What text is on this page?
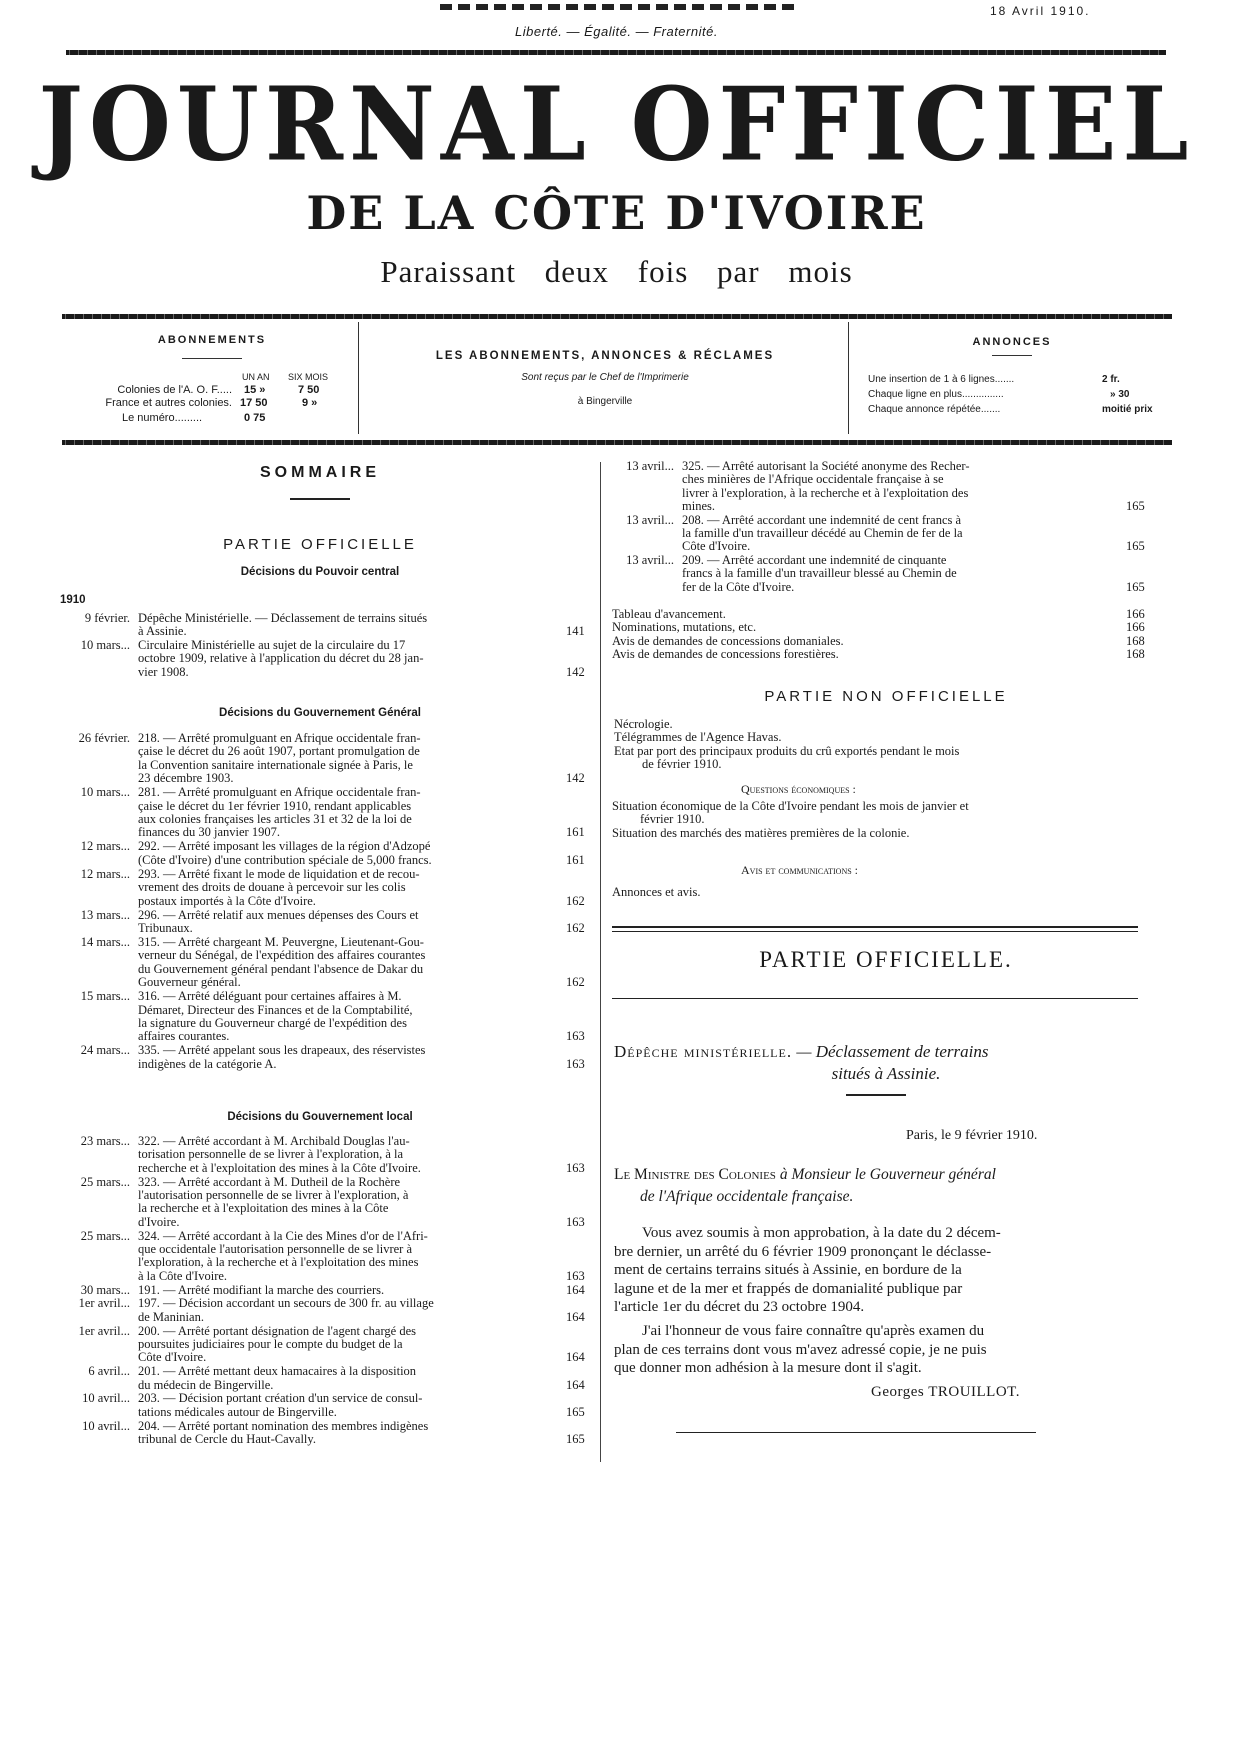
18 Avril 1910.
Liberté. — Égalité. — Fraternité.
JOURNAL OFFICIEL
DE LA CÔTE D'IVOIRE
Paraissant deux fois par mois
ABONNEMENTS
UN AN SIX MOIS
Colonies de l'A. O. F..... 15 »	7 50
France et autres colonies. 17 50	9 »
Le numéro.........	0 75
LES ABONNEMENTS, ANNONCES & RÉCLAMES
Sont reçus par le Chef de l'Imprimerie
à Bingerville
ANNONCES
Une insertion de 1 à 6 lignes.......	2 fr.
Chaque ligne en plus...............	» 30
Chaque annonce répétée.......	moitié prix
SOMMAIRE
PARTIE OFFICIELLE
Décisions du Pouvoir central
1910
9 février. Dépêche Ministérielle. — Déclassement de terrains situés
à Assinie.	141
10 mars... Circulaire Ministérielle au sujet de la circulaire du 17
octobre 1909, relative à l'application du décret du 28 jan-
vier 1908.	142
Décisions du Gouvernement Général
26 février. 218. — Arrêté promulguant en Afrique occidentale fran-
çaise le décret du 26 août 1907, portant promulgation de
la Convention sanitaire internationale signée à Paris, le
23 décembre 1903.	142
10 mars... 281. — Arrêté promulguant en Afrique occidentale fran-
çaise le décret du 1er février 1910, rendant applicables
aux colonies françaises les articles 31 et 32 de la loi de
finances du 30 janvier 1907.	161
12 mars... 292. — Arrêté imposant les villages de la région d'Adzopé
(Côte d'Ivoire) d'une contribution spéciale de 5,000 francs.	161
12 mars... 293. — Arrêté fixant le mode de liquidation et de recou-
vrement des droits de douane à percevoir sur les colis
postaux importés à la Côte d'Ivoire.	162
13 mars... 296. — Arrêté relatif aux menues dépenses des Cours et
Tribunaux.	162
14 mars... 315. — Arrêté chargeant M. Peuvergne, Lieutenant-Gou-
verneur du Sénégal, de l'expédition des affaires courantes
du Gouvernement général pendant l'absence de Dakar du
Gouverneur général.	162
15 mars... 316. — Arrêté déléguant pour certaines affaires à M.
Démaret, Directeur des Finances et de la Comptabilité,
la signature du Gouverneur chargé de l'expédition des
affaires courantes.	163
24 mars... 335. — Arrêté appelant sous les drapeaux, des réservistes
indigènes de la catégorie A.	163
Décisions du Gouvernement local
23 mars... 322. — Arrêté accordant à M. Archibald Douglas l'au-
torisation personnelle de se livrer à l'exploration, à la
recherche et à l'exploitation des mines à la Côte d'Ivoire.	163
25 mars... 323. — Arrêté accordant à M. Dutheil de la Rochère
l'autorisation personnelle de se livrer à l'exploration, à
la recherche et à l'exploitation des mines à la Côte
d'Ivoire.	163
25 mars... 324. — Arrêté accordant à la Cie des Mines d'or de l'Afri-
que occidentale l'autorisation personnelle de se livrer à
l'exploration, à la recherche et à l'exploitation des mines
à la Côte d'Ivoire.	163
30 mars... 191. — Arrêté modifiant la marche des courriers.	164
1er avril... 197. — Décision accordant un secours de 300 fr. au village
de Maninian.	164
1er avril... 200. — Arrêté portant désignation de l'agent chargé des
poursuites judiciaires pour le compte du budget de la
Côte d'Ivoire.	164
6 avril... 201. — Arrêté mettant deux hamacaires à la disposition
du médecin de Bingerville.	164
10 avril... 203. — Décision portant création d'un service de consul-
tations médicales autour de Bingerville.	165
10 avril... 204. — Arrêté portant nomination des membres indigènes
tribunal de Cercle du Haut-Cavally.	165
13 avril... 325. — Arrêté autorisant la Société anonyme des Recher-
ches minières de l'Afrique occidentale française à se
livrer à l'exploration, à la recherche et à l'exploitation des
mines.	165
13 avril... 208. — Arrêté accordant une indemnité de cent francs à
la famille d'un travailleur décédé au Chemin de fer de la
Côte d'Ivoire.	165
13 avril... 209. — Arrêté accordant une indemnité de cinquante
francs à la famille d'un travailleur blessé au Chemin de
fer de la Côte d'Ivoire.	165
Tableau d'avancement.	166
Nominations, mutations, etc.	166
Avis de demandes de concessions domaniales.	168
Avis de demandes de concessions forestières.	168
PARTIE NON OFFICIELLE
Nécrologie.
Télégrammes de l'Agence Havas.
Etat par port des principaux produits du crû exportés pendant le mois
de février 1910.
Questions économiques :
Situation économique de la Côte d'Ivoire pendant les mois de janvier et
février 1910.
Situation des marchés des matières premières de la colonie.
Avis et communications :
Annonces et avis.
PARTIE OFFICIELLE.
Dépêche ministérielle. — Déclassement de terrains
situés à Assinie.
Paris, le 9 février 1910.
Le Ministre des Colonies à Monsieur le Gouverneur général
de l'Afrique occidentale française.
Vous avez soumis à mon approbation, à la date du 2 décem-
bre dernier, un arrêté du 6 février 1909 prononçant le déclasse-
ment de certains terrains situés à Assinie, en bordure de la
lagune et de la mer et frappés de domanialité publique par
l'article 1er du décret du 23 octobre 1904.
J'ai l'honneur de vous faire connaître qu'après examen du
plan de ces terrains dont vous m'avez adressé copie, je ne puis
que donner mon adhésion à la mesure dont il s'agit.
Georges TROUILLOT.
